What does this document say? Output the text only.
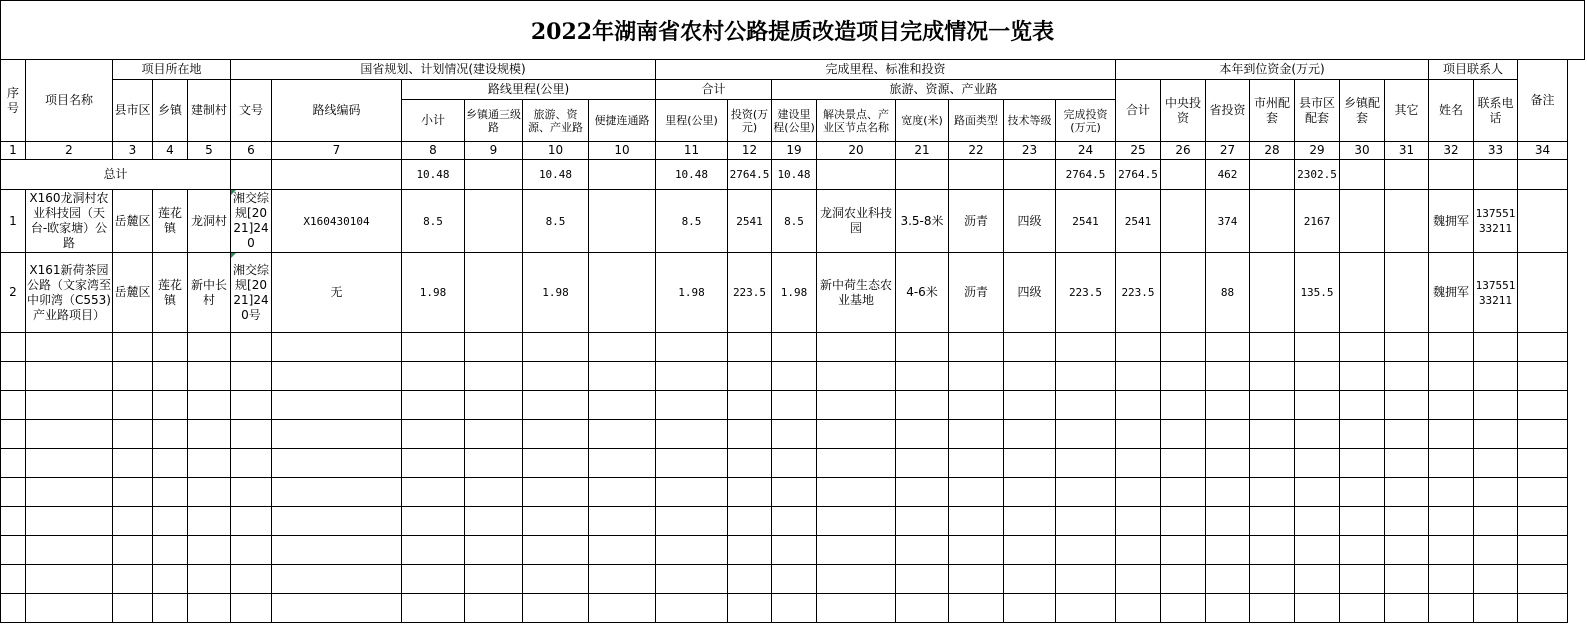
2022年湖南省农村公路提质改造项目完成情况一览表
序号	项目名称	项目所在地			国省规划、计划情况(建设规模)						完成里程、标准和投资								本年到位资金(万元)							项目联系人		备注
		县市区	乡镇	建制村	文号	路线编码	路线里程(公里)				合计		旅游、资源、产业路						合计	中央投资	省投资	市州配套	县市区配套	乡镇配套	其它	姓名	联系电话	
							小计	乡镇通三级路	旅游、资源、产业路	便捷连通路	里程(公里)	投资(万元)	建设里程(公里)	解决景点、产业区节点名称	宽度(米)	路面类型	技术等级	完成投资(万元)										

1	2	3	4	5	6	7	8	9	10	10	11	12	19	20	21	22	23	24	25	26	27	28	29	30	31	32	33	34
总计							10.48		10.48		10.48	2764.5	10.48					2764.5	2764.5		462		2302.5					
1	X160龙洞村农业科技园（天台-欧家塘）公路	岳麓区	莲花镇	龙洞村	湘交综规[2021]240	X160430104	8.5		8.5		8.5	2541	8.5	龙洞农业科技园	3.5-8米	沥青	四级	2541	2541		374		2167			魏拥军	13755133211	
2	X161新荷茶园公路（文家湾至中卯湾（C553)产业路项目）	岳麓区	莲花镇	新中长村	湘交综规[2021]240号	无	1.98		1.98		1.98	223.5	1.98	新中荷生态农业基地	4-6米	沥青	四级	223.5	223.5		88		135.5			魏拥军	13755133211	
